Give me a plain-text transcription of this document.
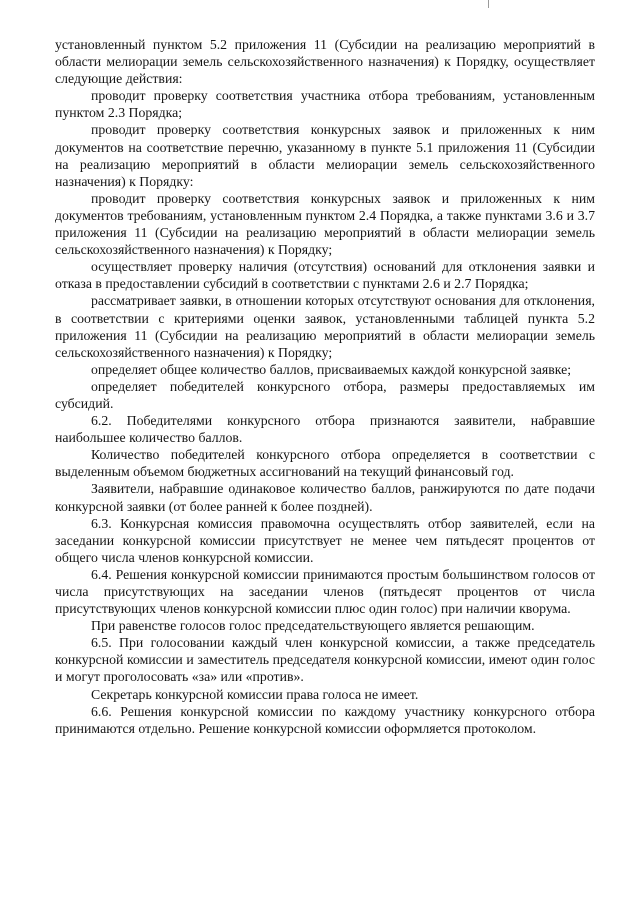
установленный пунктом 5.2 приложения 11 (Субсидии на реализацию мероприятий в области мелиорации земель сельскохозяйственного назначения) к Порядку, осуществляет следующие действия:

проводит проверку соответствия участника отбора требованиям, установленным пунктом 2.3 Порядка;

проводит проверку соответствия конкурсных заявок и приложенных к ним документов на соответствие перечню, указанному в пункте 5.1 приложения 11 (Субсидии на реализацию мероприятий в области мелиорации земель сельскохозяйственного назначения) к Порядку:

проводит проверку соответствия конкурсных заявок и приложенных к ним документов требованиям, установленным пунктом 2.4 Порядка, а также пунктами 3.6 и 3.7 приложения 11 (Субсидии на реализацию мероприятий в области мелиорации земель сельскохозяйственного назначения) к Порядку;

осуществляет проверку наличия (отсутствия) оснований для отклонения заявки и отказа в предоставлении субсидий в соответствии с пунктами 2.6 и 2.7 Порядка;

рассматривает заявки, в отношении которых отсутствуют основания для отклонения, в соответствии с критериями оценки заявок, установленными таблицей пункта 5.2 приложения 11 (Субсидии на реализацию мероприятий в области мелиорации земель сельскохозяйственного назначения) к Порядку;

определяет общее количество баллов, присваиваемых каждой конкурсной заявке;

определяет победителей конкурсного отбора, размеры предоставляемых им субсидий.

6.2. Победителями конкурсного отбора признаются заявители, набравшие наибольшее количество баллов.

Количество победителей конкурсного отбора определяется в соответствии с выделенным объемом бюджетных ассигнований на текущий финансовый год.

Заявители, набравшие одинаковое количество баллов, ранжируются по дате подачи конкурсной заявки (от более ранней к более поздней).

6.3. Конкурсная комиссия правомочна осуществлять отбор заявителей, если на заседании конкурсной комиссии присутствует не менее чем пятьдесят процентов от общего числа членов конкурсной комиссии.

6.4. Решения конкурсной комиссии принимаются простым большинством голосов от числа присутствующих на заседании членов (пятьдесят процентов от числа присутствующих членов конкурсной комиссии плюс один голос) при наличии кворума.

При равенстве голосов голос председательствующего является решающим.

6.5. При голосовании каждый член конкурсной комиссии, а также председатель конкурсной комиссии и заместитель председателя конкурсной комиссии, имеют один голос и могут проголосовать «за» или «против».

Секретарь конкурсной комиссии права голоса не имеет.

6.6. Решения конкурсной комиссии по каждому участнику конкурсного отбора принимаются отдельно. Решение конкурсной комиссии оформляется протоколом.
